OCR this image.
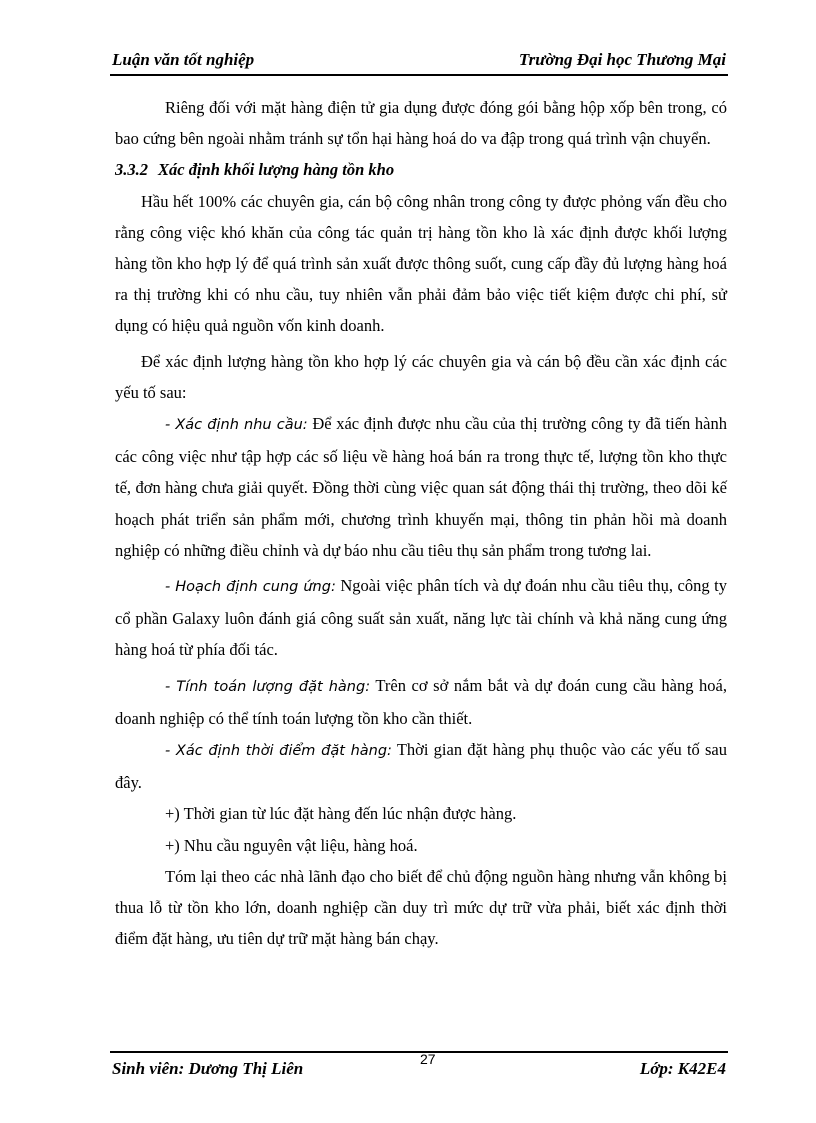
Luận văn tốt nghiệp	Trường Đại học Thương Mại

Riêng đối với mặt hàng điện tử gia dụng được đóng gói bằng hộp xốp bên trong, có bao cứng bên ngoài nhằm tránh sự tổn hại hàng hoá do va đập trong quá trình vận chuyển.

3.3.2 Xác định khối lượng hàng tồn kho

Hầu hết 100% các chuyên gia, cán bộ công nhân trong công ty được phỏng vấn đều cho rằng công việc khó khăn của công tác quản trị hàng tồn kho là xác định được khối lượng hàng tồn kho hợp lý để quá trình sản xuất được thông suốt, cung cấp đầy đủ lượng hàng hoá ra thị trường khi có nhu cầu, tuy nhiên vẫn phải đảm bảo việc tiết kiệm được chi phí, sử dụng có hiệu quả nguồn vốn kinh doanh.

Để xác định lượng hàng tồn kho hợp lý các chuyên gia và cán bộ đều cần xác định các yếu tố sau:

- Xác định nhu cầu: Để xác định được nhu cầu của thị trường công ty đã tiến hành các công việc như tập hợp các số liệu về hàng hoá bán ra trong thực tế, lượng tồn kho thực tế, đơn hàng chưa giải quyết. Đồng thời cùng việc quan sát động thái thị trường, theo dõi kế hoạch phát triển sản phẩm mới, chương trình khuyến mại, thông tin phản hồi mà doanh nghiệp có những điều chỉnh và dự báo nhu cầu tiêu thụ sản phẩm trong tương lai.

- Hoạch định cung ứng: Ngoài việc phân tích và dự đoán nhu cầu tiêu thụ, công ty cổ phần Galaxy luôn đánh giá công suất sản xuất, năng lực tài chính và khả năng cung ứng hàng hoá từ phía đối tác.

- Tính toán lượng đặt hàng: Trên cơ sở nắm bắt và dự đoán cung cầu hàng hoá, doanh nghiệp có thể tính toán lượng tồn kho cần thiết.

- Xác định thời điểm đặt hàng: Thời gian đặt hàng phụ thuộc vào các yếu tố sau đây.

+) Thời gian từ lúc đặt hàng đến lúc nhận được hàng.

+) Nhu cầu nguyên vật liệu, hàng hoá.

Tóm lại theo các nhà lãnh đạo cho biết để chủ động nguồn hàng nhưng vẫn không bị thua lỗ từ tồn kho lớn, doanh nghiệp cần duy trì mức dự trữ vừa phải, biết xác định thời điểm đặt hàng, ưu tiên dự trữ mặt hàng bán chạy.

Sinh viên: Dương Thị Liên	27	Lớp: K42E4
